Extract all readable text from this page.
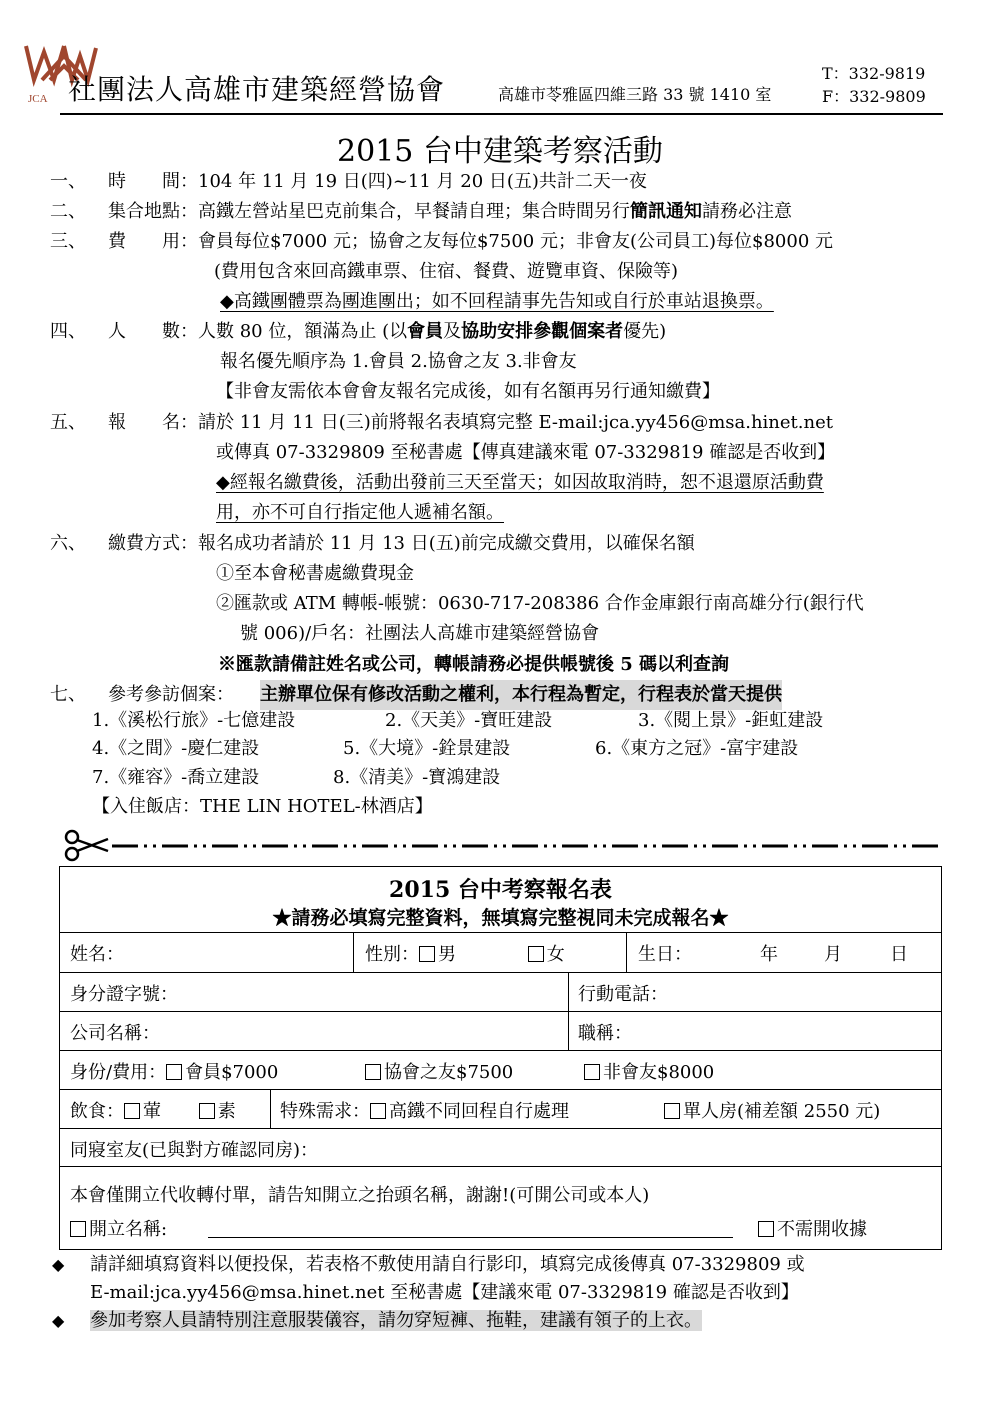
JCA 社團法人高雄市建築經營協會	高雄市苓雅區四維三路 33 號 1410 室
T：332-9819
F：332-9809
2015 台中建築考察活動
一、 時　　間： 104 年 11 月 19 日(四)~11 月 20 日(五)共計二天一夜
二、 集合地點： 高鐵左營站星巴克前集合，早餐請自理；集合時間另行簡訊通知請務必注意
三、 費　　用： 會員每位$7000 元；協會之友每位$7500 元；非會友(公司員工)每位$8000 元
(費用包含來回高鐵車票、住宿、餐費、遊覽車資、保險等)
◆高鐵團體票為團進團出；如不回程請事先告知或自行於車站退換票。
四、 人　　數： 人數 80 位，額滿為止 (以會員及協助安排參觀個案者優先)
報名優先順序為 1.會員 2.協會之友 3.非會友
【非會友需依本會會友報名完成後，如有名額再另行通知繳費】
五、 報　　名： 請於 11 月 11 日(三)前將報名表填寫完整 E-mail:jca.yy456@msa.hinet.net
或傳真 07-3329809 至秘書處【傳真建議來電 07-3329819 確認是否收到】
◆經報名繳費後，活動出發前三天至當天；如因故取消時，恕不退還原活動費
用，亦不可自行指定他人遞補名額。
六、 繳費方式： 報名成功者請於 11 月 13 日(五)前完成繳交費用，以確保名額
①至本會秘書處繳費現金
②匯款或 ATM 轉帳-帳號：0630-717-208386 合作金庫銀行南高雄分行(銀行代
號 006)/戶名：社團法人高雄市建築經營協會
※匯款請備註姓名或公司，轉帳請務必提供帳號後 5 碼以利查詢
七、 參考參訪個案： 主辦單位保有修改活動之權利，本行程為暫定，行程表於當天提供
1.《溪松行旅》-七億建設	2.《天美》-寶旺建設	3.《閱上景》-鉅虹建設
4.《之間》-慶仁建設	5.《大境》-銓景建設	6.《東方之冠》-富宇建設
7.《雍容》-喬立建設	8.《清美》-寶鴻建設
【入住飯店：THE LIN HOTEL-林酒店】
2015 台中考察報名表
★請務必填寫完整資料，無填寫完整視同未完成報名★
姓名：	性別： 男	女	生日：	年	月	日
身分證字號：	行動電話：
公司名稱：	職稱：
身份/費用： 會員$7000	協會之友$7500	非會友$8000
飲食： 葷	素 特殊需求： 高鐵不同回程自行處理	單人房(補差額 2550 元)
同寢室友(已與對方確認同房)：
本會僅開立代收轉付單，請告知開立之抬頭名稱，謝謝!(可開公司或本人)
開立名稱:	不需開收據
◆ 請詳細填寫資料以便投保，若表格不敷使用請自行影印，填寫完成後傳真 07-3329809 或
E-mail:jca.yy456@msa.hinet.net 至秘書處【建議來電 07-3329819 確認是否收到】
◆ 參加考察人員請特別注意服裝儀容，請勿穿短褲、拖鞋，建議有領子的上衣。
